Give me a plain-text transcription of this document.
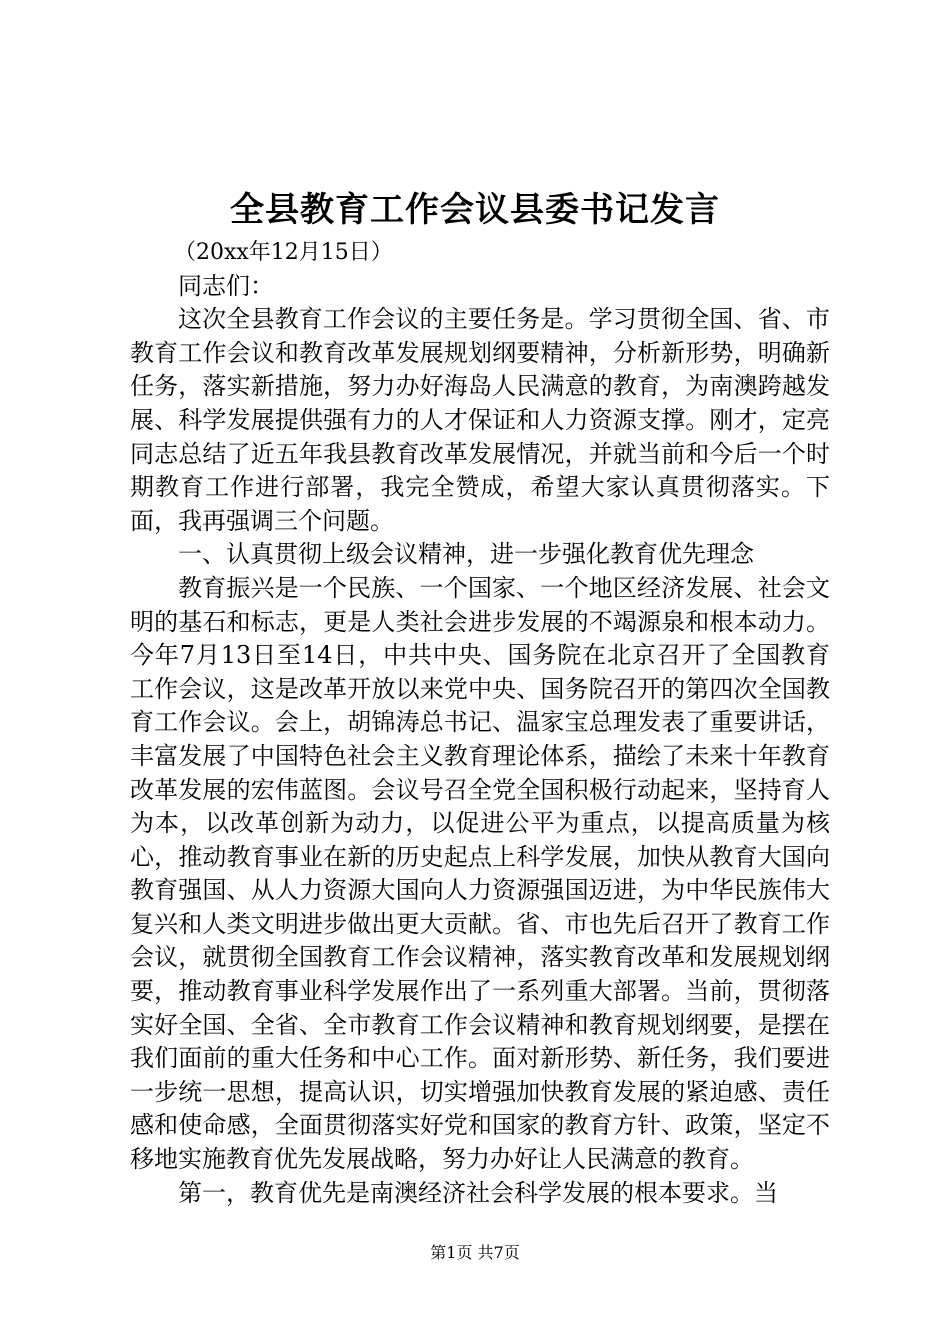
全县教育工作会议县委书记发言

（20xx年12月15日）

同志们：

这次全县教育工作会议的主要任务是。学习贯彻全国、省、市教育工作会议和教育改革发展规划纲要精神，分析新形势，明确新任务，落实新措施，努力办好海岛人民满意的教育，为南澳跨越发展、科学发展提供强有力的人才保证和人力资源支撑。刚才，定亮同志总结了近五年我县教育改革发展情况，并就当前和今后一个时期教育工作进行部署，我完全赞成，希望大家认真贯彻落实。下面，我再强调三个问题。

一、认真贯彻上级会议精神，进一步强化教育优先理念

教育振兴是一个民族、一个国家、一个地区经济发展、社会文明的基石和标志，更是人类社会进步发展的不竭源泉和根本动力。今年7月13日至14日，中共中央、国务院在北京召开了全国教育工作会议，这是改革开放以来党中央、国务院召开的第四次全国教育工作会议。会上，胡锦涛总书记、温家宝总理发表了重要讲话，丰富发展了中国特色社会主义教育理论体系，描绘了未来十年教育改革发展的宏伟蓝图。会议号召全党全国积极行动起来，坚持育人为本，以改革创新为动力，以促进公平为重点，以提高质量为核心，推动教育事业在新的历史起点上科学发展，加快从教育大国向教育强国、从人力资源大国向人力资源强国迈进，为中华民族伟大复兴和人类文明进步做出更大贡献。省、市也先后召开了教育工作会议，就贯彻全国教育工作会议精神，落实教育改革和发展规划纲要，推动教育事业科学发展作出了一系列重大部署。当前，贯彻落实好全国、全省、全市教育工作会议精神和教育规划纲要，是摆在我们面前的重大任务和中心工作。面对新形势、新任务，我们要进一步统一思想，提高认识，切实增强加快教育发展的紧迫感、责任感和使命感，全面贯彻落实好党和国家的教育方针、政策，坚定不移地实施教育优先发展战略，努力办好让人民满意的教育。

第一，教育优先是南澳经济社会科学发展的根本要求。当

第1页 共7页
